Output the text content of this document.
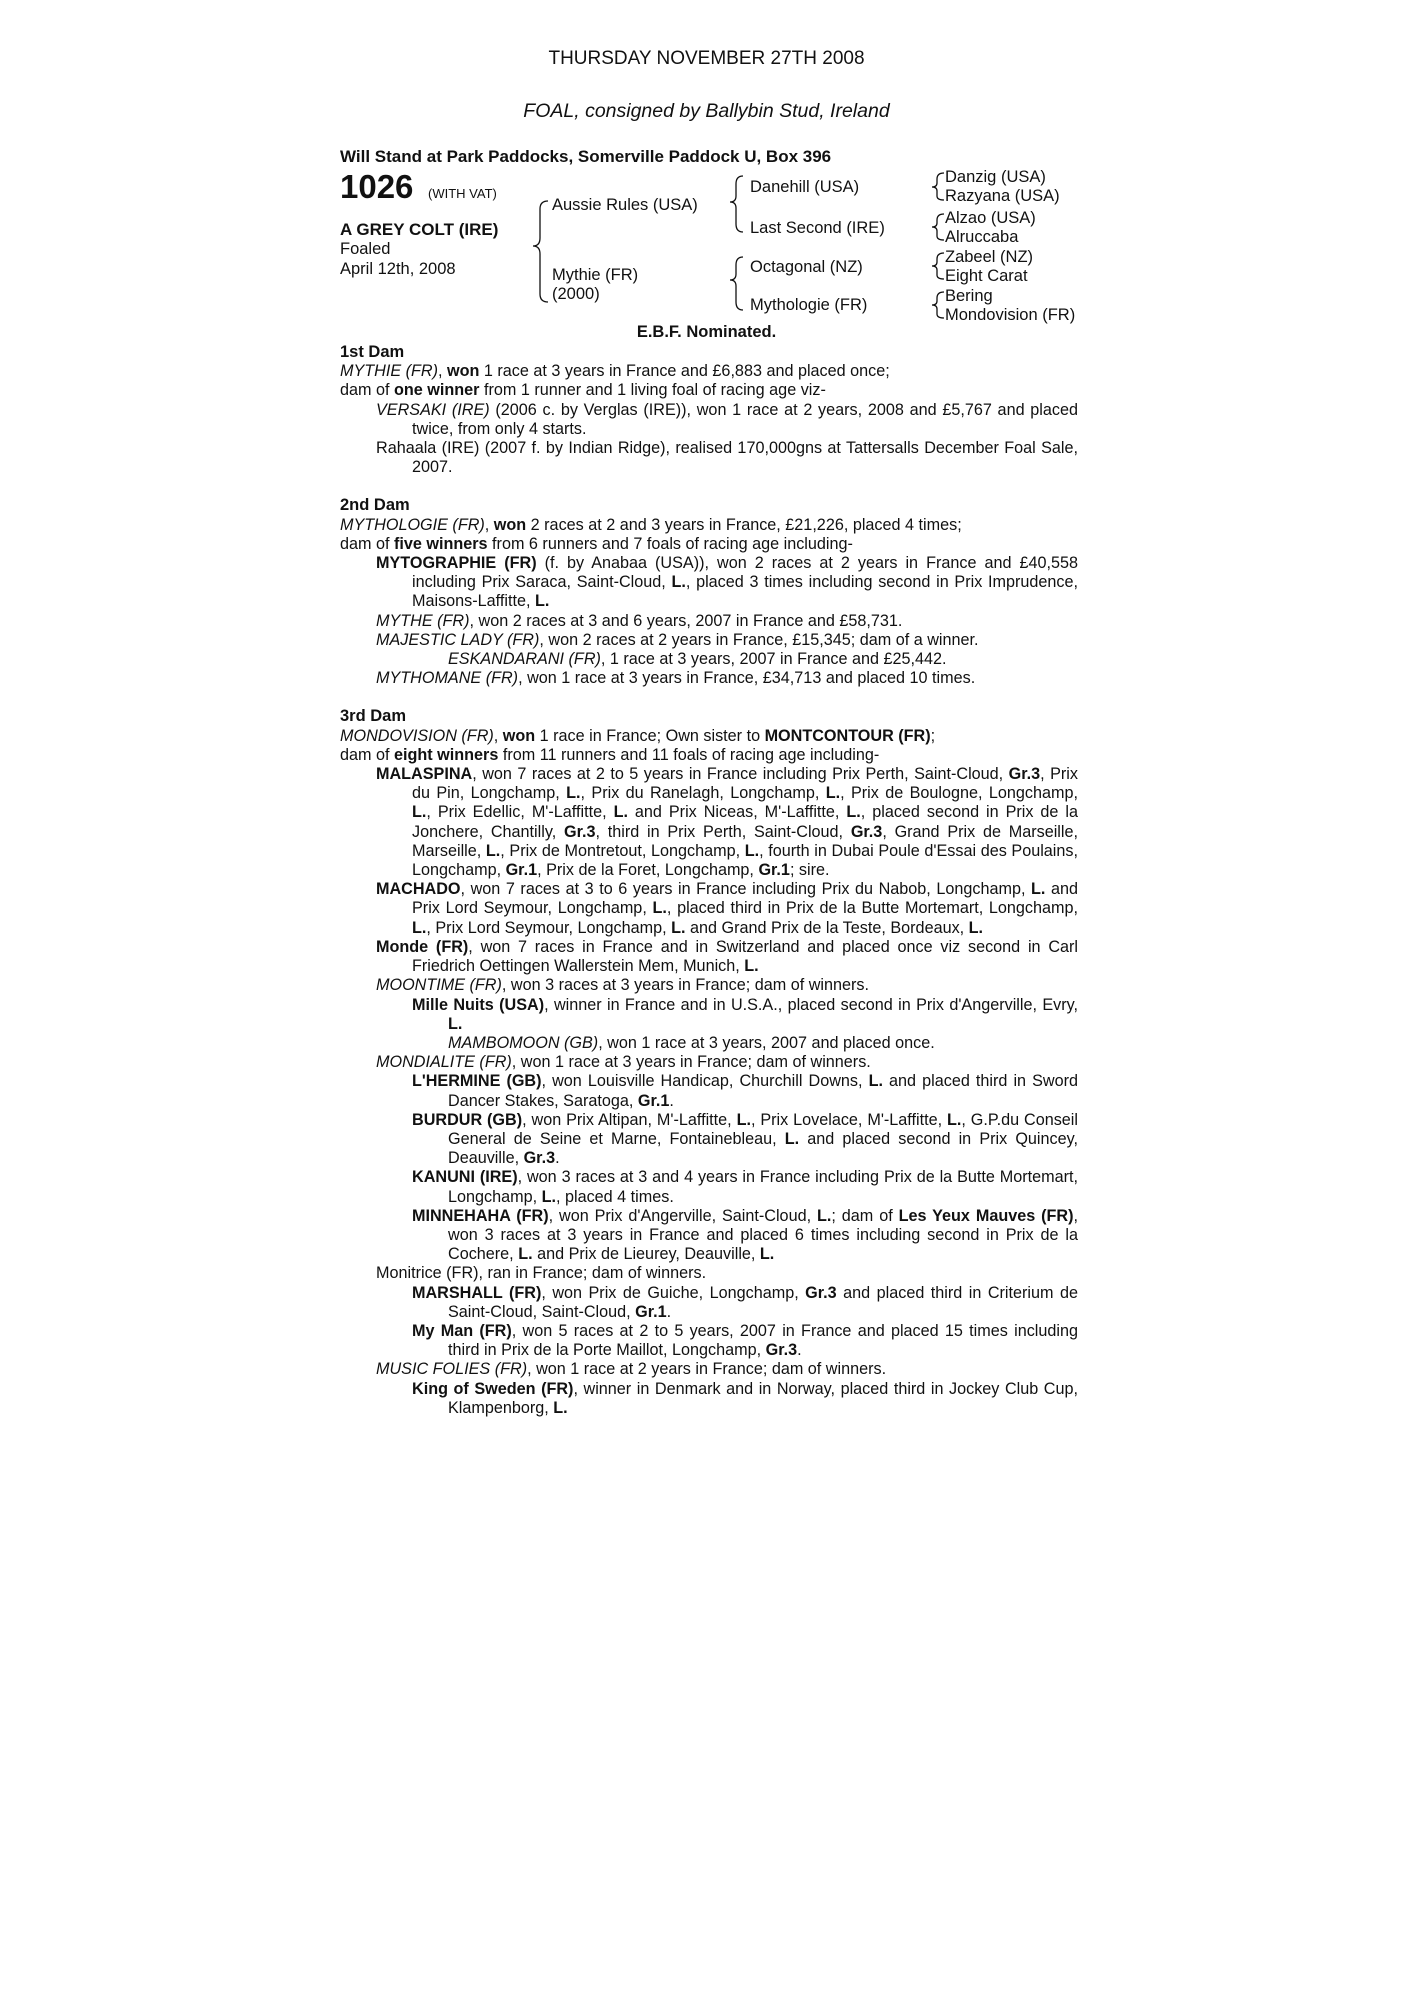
THURSDAY NOVEMBER 27TH 2008
FOAL, consigned by Ballybin Stud, Ireland
Will Stand at Park Paddocks, Somerville Paddock U, Box 396
1026 (WITH VAT)
A GREY COLT (IRE)
Foaled
April 12th, 2008
Aussie Rules (USA)
Mythie (FR)
(2000)
Danehill (USA)
Last Second (IRE)
Octagonal (NZ)
Mythologie (FR)
Danzig (USA)
Razyana (USA)
Alzao (USA)
Alruccaba
Zabeel (NZ)
Eight Carat
Bering
Mondovision (FR)
E.B.F. Nominated.

1st Dam

MYTHIE (FR), won 1 race at 3 years in France and £6,883 and placed once;

dam of one winner from 1 runner and 1 living foal of racing age viz-

VERSAKI (IRE) (2006 c. by Verglas (IRE)), won 1 race at 2 years, 2008 and £5,767 and placed twice, from only 4 starts.

Rahaala (IRE) (2007 f. by Indian Ridge), realised 170,000gns at Tattersalls December Foal Sale, 2007.

2nd Dam

MYTHOLOGIE (FR), won 2 races at 2 and 3 years in France, £21,226, placed 4 times;

dam of five winners from 6 runners and 7 foals of racing age including-

MYTOGRAPHIE (FR) (f. by Anabaa (USA)), won 2 races at 2 years in France and £40,558 including Prix Saraca, Saint-Cloud, L., placed 3 times including second in Prix Imprudence, Maisons-Laffitte, L.

MYTHE (FR), won 2 races at 3 and 6 years, 2007 in France and £58,731.

MAJESTIC LADY (FR), won 2 races at 2 years in France, £15,345; dam of a winner.

ESKANDARANI (FR), 1 race at 3 years, 2007 in France and £25,442.

MYTHOMANE (FR), won 1 race at 3 years in France, £34,713 and placed 10 times.

3rd Dam

MONDOVISION (FR), won 1 race in France; Own sister to MONTCONTOUR (FR);

dam of eight winners from 11 runners and 11 foals of racing age including-

MALASPINA, won 7 races at 2 to 5 years in France including Prix Perth, Saint-Cloud, Gr.3, Prix du Pin, Longchamp, L., Prix du Ranelagh, Longchamp, L., Prix de Boulogne, Longchamp, L., Prix Edellic, M'-Laffitte, L. and Prix Niceas, M'-Laffitte, L., placed second in Prix de la Jonchere, Chantilly, Gr.3, third in Prix Perth, Saint-Cloud, Gr.3, Grand Prix de Marseille, Marseille, L., Prix de Montretout, Longchamp, L., fourth in Dubai Poule d'Essai des Poulains, Longchamp, Gr.1, Prix de la Foret, Longchamp, Gr.1; sire.

MACHADO, won 7 races at 3 to 6 years in France including Prix du Nabob, Longchamp, L. and Prix Lord Seymour, Longchamp, L., placed third in Prix de la Butte Mortemart, Longchamp, L., Prix Lord Seymour, Longchamp, L. and Grand Prix de la Teste, Bordeaux, L.

Monde (FR), won 7 races in France and in Switzerland and placed once viz second in Carl Friedrich Oettingen Wallerstein Mem, Munich, L.

MOONTIME (FR), won 3 races at 3 years in France; dam of winners.

Mille Nuits (USA), winner in France and in U.S.A., placed second in Prix d'Angerville, Evry, L.

MAMBOMOON (GB), won 1 race at 3 years, 2007 and placed once.

MONDIALITE (FR), won 1 race at 3 years in France; dam of winners.

L'HERMINE (GB), won Louisville Handicap, Churchill Downs, L. and placed third in Sword Dancer Stakes, Saratoga, Gr.1.

BURDUR (GB), won Prix Altipan, M'-Laffitte, L., Prix Lovelace, M'-Laffitte, L., G.P.du Conseil General de Seine et Marne, Fontainebleau, L. and placed second in Prix Quincey, Deauville, Gr.3.

KANUNI (IRE), won 3 races at 3 and 4 years in France including Prix de la Butte Mortemart, Longchamp, L., placed 4 times.

MINNEHAHA (FR), won Prix d'Angerville, Saint-Cloud, L.; dam of Les Yeux Mauves (FR), won 3 races at 3 years in France and placed 6 times including second in Prix de la Cochere, L. and Prix de Lieurey, Deauville, L.

Monitrice (FR), ran in France; dam of winners.

MARSHALL (FR), won Prix de Guiche, Longchamp, Gr.3 and placed third in Criterium de Saint-Cloud, Saint-Cloud, Gr.1.

My Man (FR), won 5 races at 2 to 5 years, 2007 in France and placed 15 times including third in Prix de la Porte Maillot, Longchamp, Gr.3.

MUSIC FOLIES (FR), won 1 race at 2 years in France; dam of winners.

King of Sweden (FR), winner in Denmark and in Norway, placed third in Jockey Club Cup, Klampenborg, L.
